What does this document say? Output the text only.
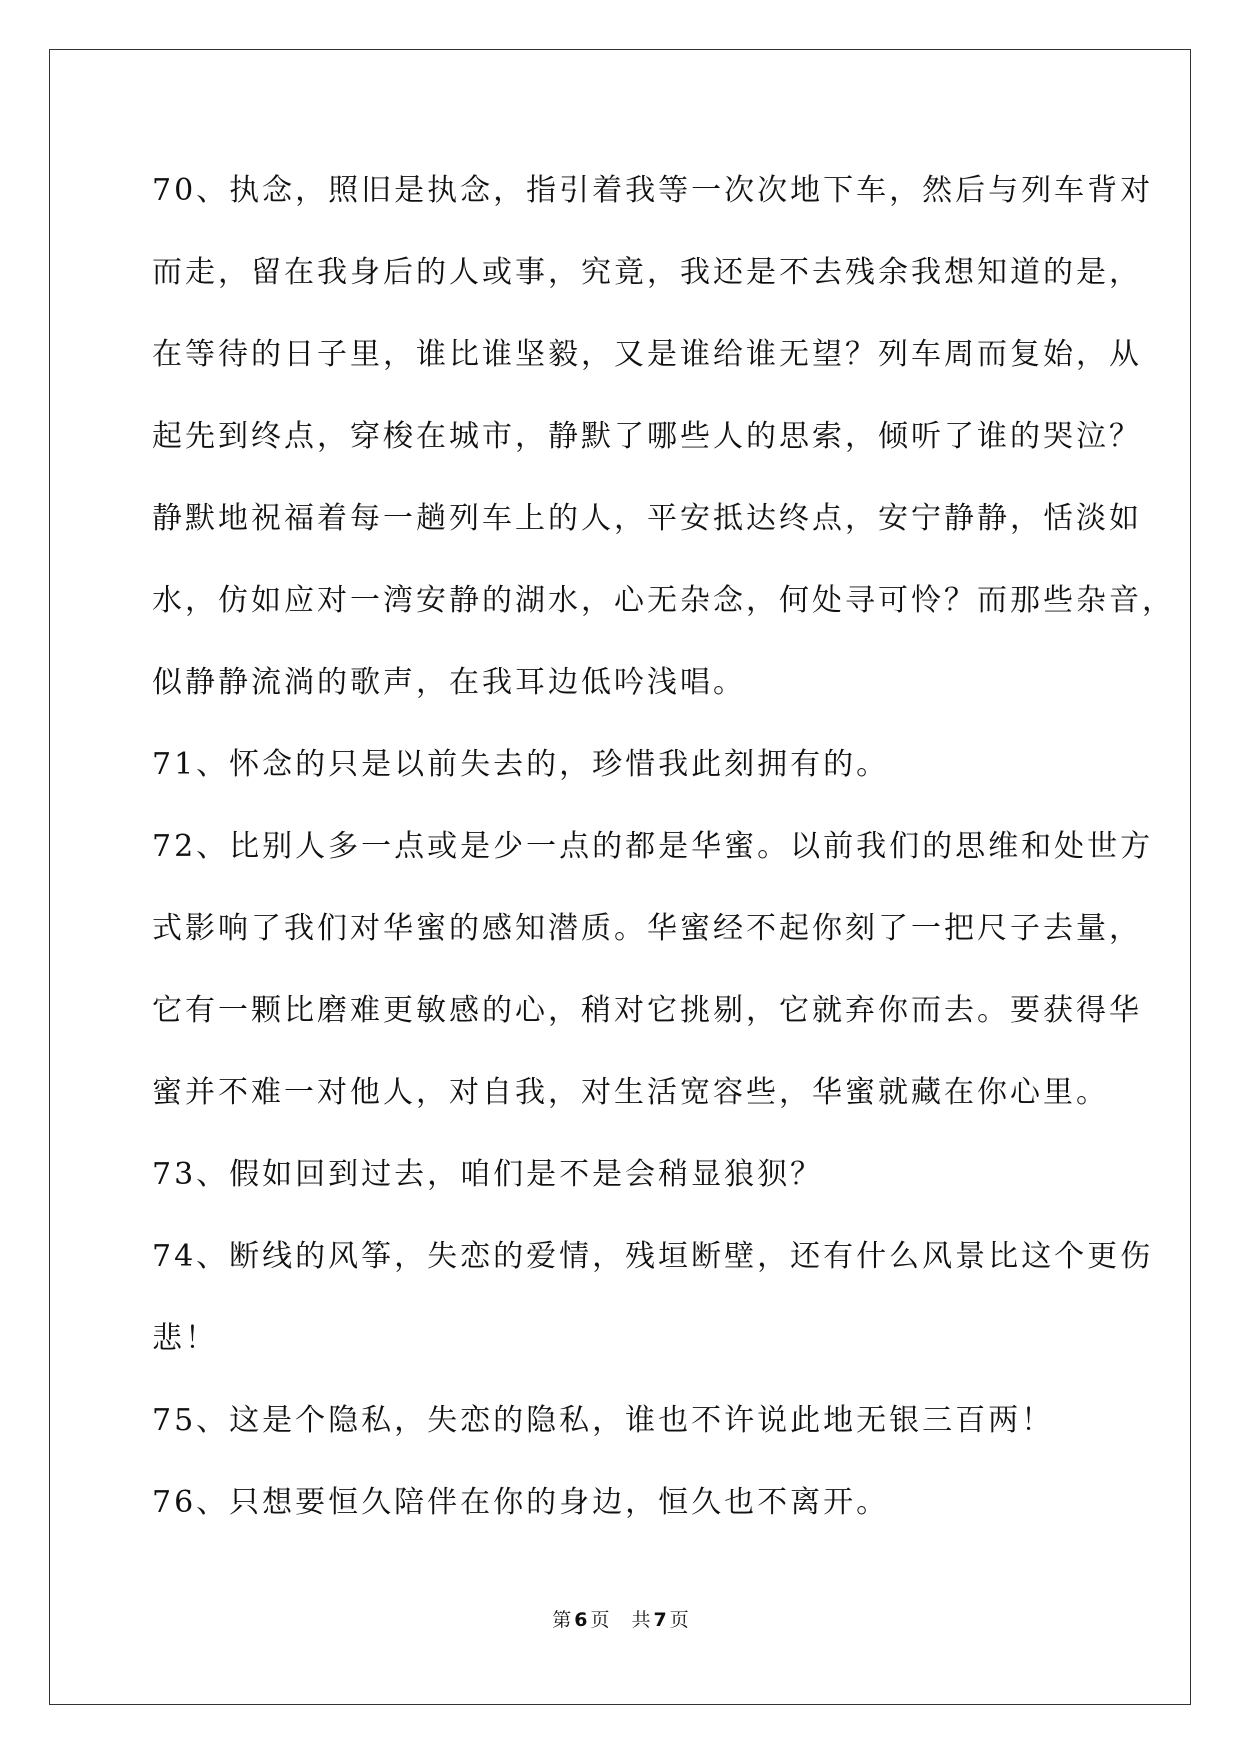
70、执念，照旧是执念，指引着我等一次次地下车，然后与列车背对
而走，留在我身后的人或事，究竟，我还是不去残余我想知道的是，
在等待的日子里，谁比谁坚毅，又是谁给谁无望？列车周而复始，从
起先到终点，穿梭在城市，静默了哪些人的思索，倾听了谁的哭泣？
静默地祝福着每一趟列车上的人，平安抵达终点，安宁静静，恬淡如
水，仿如应对一湾安静的湖水，心无杂念，何处寻可怜？而那些杂音，
似静静流淌的歌声，在我耳边低吟浅唱。
71、怀念的只是以前失去的，珍惜我此刻拥有的。
72、比别人多一点或是少一点的都是华蜜。以前我们的思维和处世方
式影响了我们对华蜜的感知潜质。华蜜经不起你刻了一把尺子去量，
它有一颗比磨难更敏感的心，稍对它挑剔，它就弃你而去。要获得华
蜜并不难一对他人，对自我，对生活宽容些，华蜜就藏在你心里。
73、假如回到过去，咱们是不是会稍显狼狈？
74、断线的风筝，失恋的爱情，残垣断壁，还有什么风景比这个更伤
悲！
75、这是个隐私，失恋的隐私，谁也不许说此地无银三百两！
76、只想要恒久陪伴在你的身边，恒久也不离开。
第 6 页 共 7 页
